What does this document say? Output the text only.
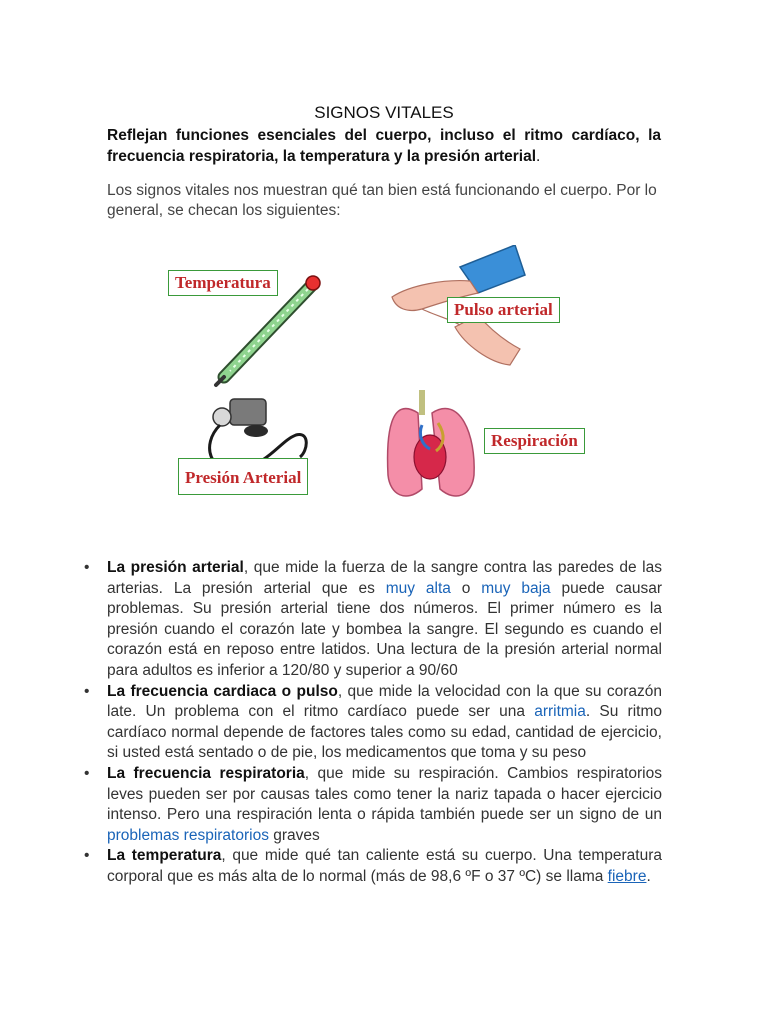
SIGNOS VITALES

Reflejan funciones esenciales del cuerpo, incluso el ritmo cardíaco, la frecuencia respiratoria, la temperatura y la presión arterial.

Los signos vitales nos muestran qué tan bien está funcionando el cuerpo. Por lo general, se checan los siguientes:

Temperatura
Pulso arterial
Presión Arterial
Respiración
• La presión arterial, que mide la fuerza de la sangre contra las paredes de las arterias. La presión arterial que es muy alta o muy baja puede causar problemas. Su presión arterial tiene dos números. El primer número es la presión cuando el corazón late y bombea la sangre. El segundo es cuando el corazón está en reposo entre latidos. Una lectura de la presión arterial normal para adultos es inferior a 120/80 y superior a 90/60
• La frecuencia cardiaca o pulso, que mide la velocidad con la que su corazón late. Un problema con el ritmo cardíaco puede ser una arritmia. Su ritmo cardíaco normal depende de factores tales como su edad, cantidad de ejercicio, si usted está sentado o de pie, los medicamentos que toma y su peso
• La frecuencia respiratoria, que mide su respiración. Cambios respiratorios leves pueden ser por causas tales como tener la nariz tapada o hacer ejercicio intenso. Pero una respiración lenta o rápida también puede ser un signo de un problemas respiratorios graves
• La temperatura, que mide qué tan caliente está su cuerpo. Una temperatura corporal que es más alta de lo normal (más de 98,6 ºF o 37 ºC) se llama fiebre.
